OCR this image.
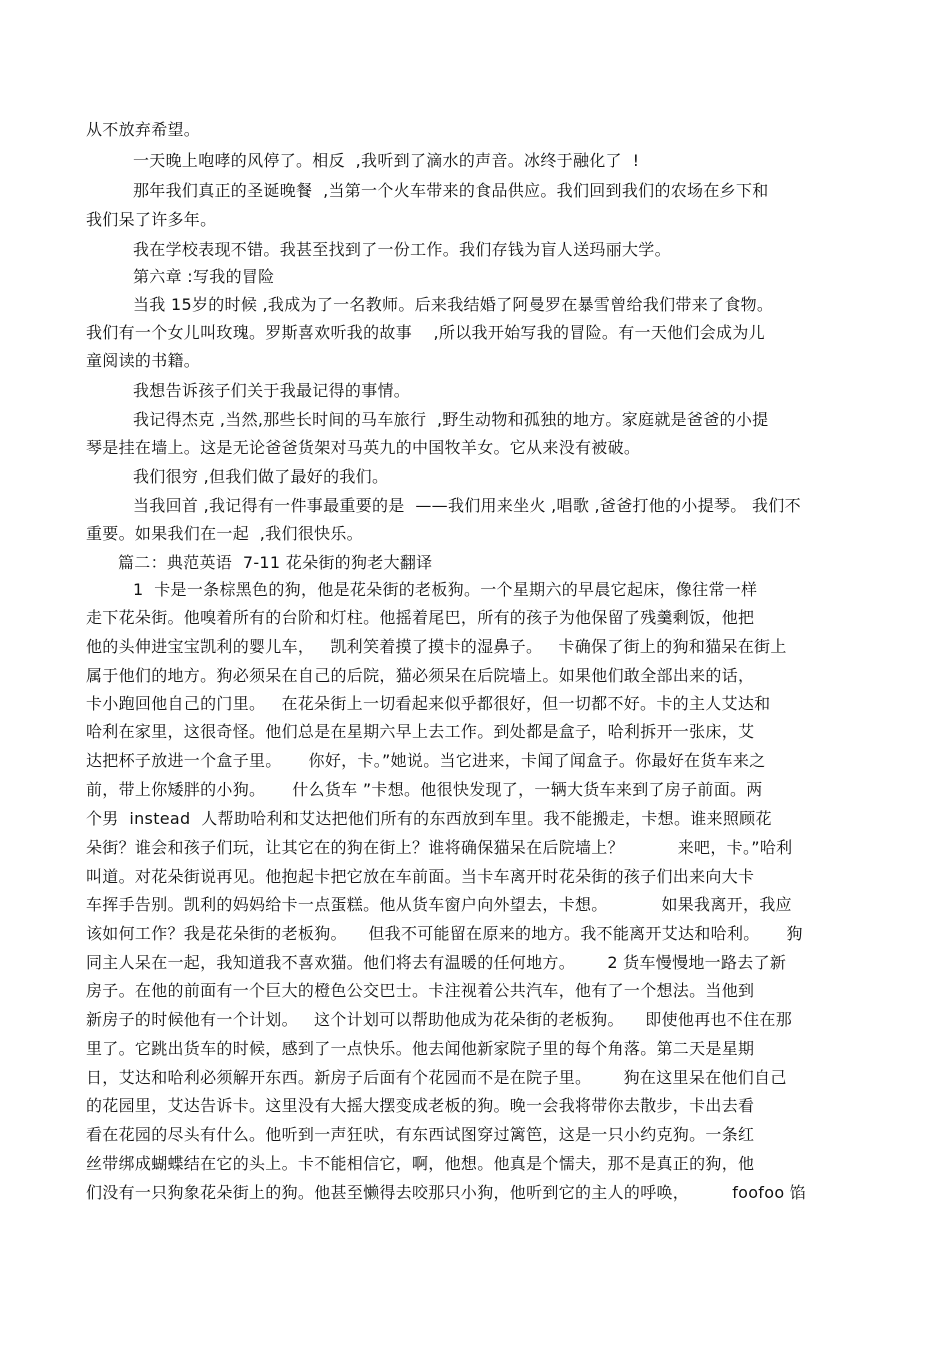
从不放弃希望。
一天晚上咆哮的风停了。相反  ,我听到了滴水的声音。冰终于融化了  !
那年我们真正的圣诞晚餐  ,当第一个火车带来的食品供应。我们回到我们的农场在乡下和
我们呆了许多年。
我在学校表现不错。我甚至找到了一份工作。我们存钱为盲人送玛丽大学。
第六章 :写我的冒险
当我 15岁的时候 ,我成为了一名教师。后来我结婚了阿曼罗在暴雪曾给我们带来了食物。
我们有一个女儿叫玫瑰。罗斯喜欢听我的故事    ,所以我开始写我的冒险。有一天他们会成为儿
童阅读的书籍。
我想告诉孩子们关于我最记得的事情。
我记得杰克 ,当然,那些长时间的马车旅行  ,野生动物和孤独的地方。家庭就是爸爸的小提
琴是挂在墙上。这是无论爸爸货架对马英九的中国牧羊女。它从来没有被破。
我们很穷 ,但我们做了最好的我们。
当我回首 ,我记得有一件事最重要的是  ——我们用来坐火 ,唱歌 ,爸爸打他的小提琴。 我们不
重要。如果我们在一起  ,我们很快乐。
篇二：典范英语  7-11 花朵街的狗老大翻译
1  卡是一条棕黑色的狗，他是花朵街的老板狗。一个星期六的早晨它起床，像往常一样
走下花朵街。他嗅着所有的台阶和灯柱。他摇着尾巴，所有的孩子为他保留了残羹剩饭，他把
他的头伸进宝宝凯利的婴儿车，   凯利笑着摸了摸卡的湿鼻子。   卡确保了街上的狗和猫呆在街上
属于他们的地方。狗必须呆在自己的后院，猫必须呆在后院墙上。如果他们敢全部出来的话，
卡小跑回他自己的门里。   在花朵街上一切看起来似乎都很好，但一切都不好。卡的主人艾达和
哈利在家里，这很奇怪。他们总是在星期六早上去工作。到处都是盒子，哈利拆开一张床，艾
达把杯子放进一个盒子里。     你好，卡。”她说。当它进来，卡闻了闻盒子。你最好在货车来之
前，带上你矮胖的小狗。     什么货车 ”卡想。他很快发现了，一辆大货车来到了房子前面。两
个男  instead  人帮助哈利和艾达把他们所有的东西放到车里。我不能搬走，卡想。谁来照顾花
朵街？谁会和孩子们玩，让其它在的狗在街上？谁将确保猫呆在后院墙上？          来吧，卡。”哈利
叫道。对花朵街说再见。他抱起卡把它放在车前面。当卡车离开时花朵街的孩子们出来向大卡
车挥手告别。凯利的妈妈给卡一点蛋糕。他从货车窗户向外望去，卡想。          如果我离开，我应
该如何工作？我是花朵街的老板狗。    但我不可能留在原来的地方。我不能离开艾达和哈利。     狗
同主人呆在一起，我知道我不喜欢猫。他们将去有温暖的任何地方。      2 货车慢慢地一路去了新
房子。在他的前面有一个巨大的橙色公交巴士。卡注视着公共汽车，他有了一个想法。当他到
新房子的时候他有一个计划。   这个计划可以帮助他成为花朵街的老板狗。    即使他再也不住在那
里了。它跳出货车的时候，感到了一点快乐。他去闻他新家院子里的每个角落。第二天是星期
日，艾达和哈利必须解开东西。新房子后面有个花园而不是在院子里。      狗在这里呆在他们自己
的花园里，艾达告诉卡。这里没有大摇大摆变成老板的狗。晚一会我将带你去散步，卡出去看
看在花园的尽头有什么。他听到一声狂吠，有东西试图穿过篱笆，这是一只小约克狗。一条红
丝带绑成蝴蝶结在它的头上。卡不能相信它，啊，他想。他真是个懦夫，那不是真正的狗，他
们没有一只狗象花朵街上的狗。他甚至懒得去咬那只小狗，他听到它的主人的呼唤，        foofoo 馅
